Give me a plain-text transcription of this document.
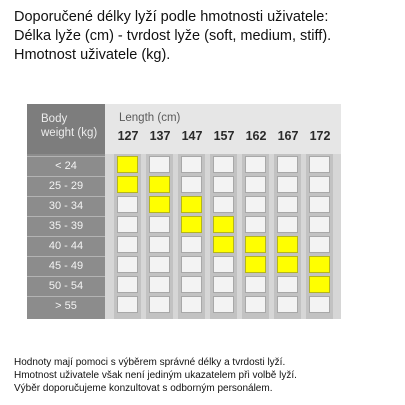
Doporučené délky lyží podle hmotnosti uživatele:
Délka lyže (cm) - tvrdost lyže (soft, medium, stiff).
Hmotnost uživatele (kg).
Body
weight (kg)
< 24
25 - 29
30 - 34
35 - 39
40 - 44
45 - 49
50 - 54
> 55
Length (cm)
127 137 147 157 162 167 172
Hodnoty mají pomoci s výběrem správné délky a tvrdosti lyží.
Hmotnost uživatele však není jediným ukazatelem při volbě lyží.
Výběr doporučujeme konzultovat s odborným personálem.
